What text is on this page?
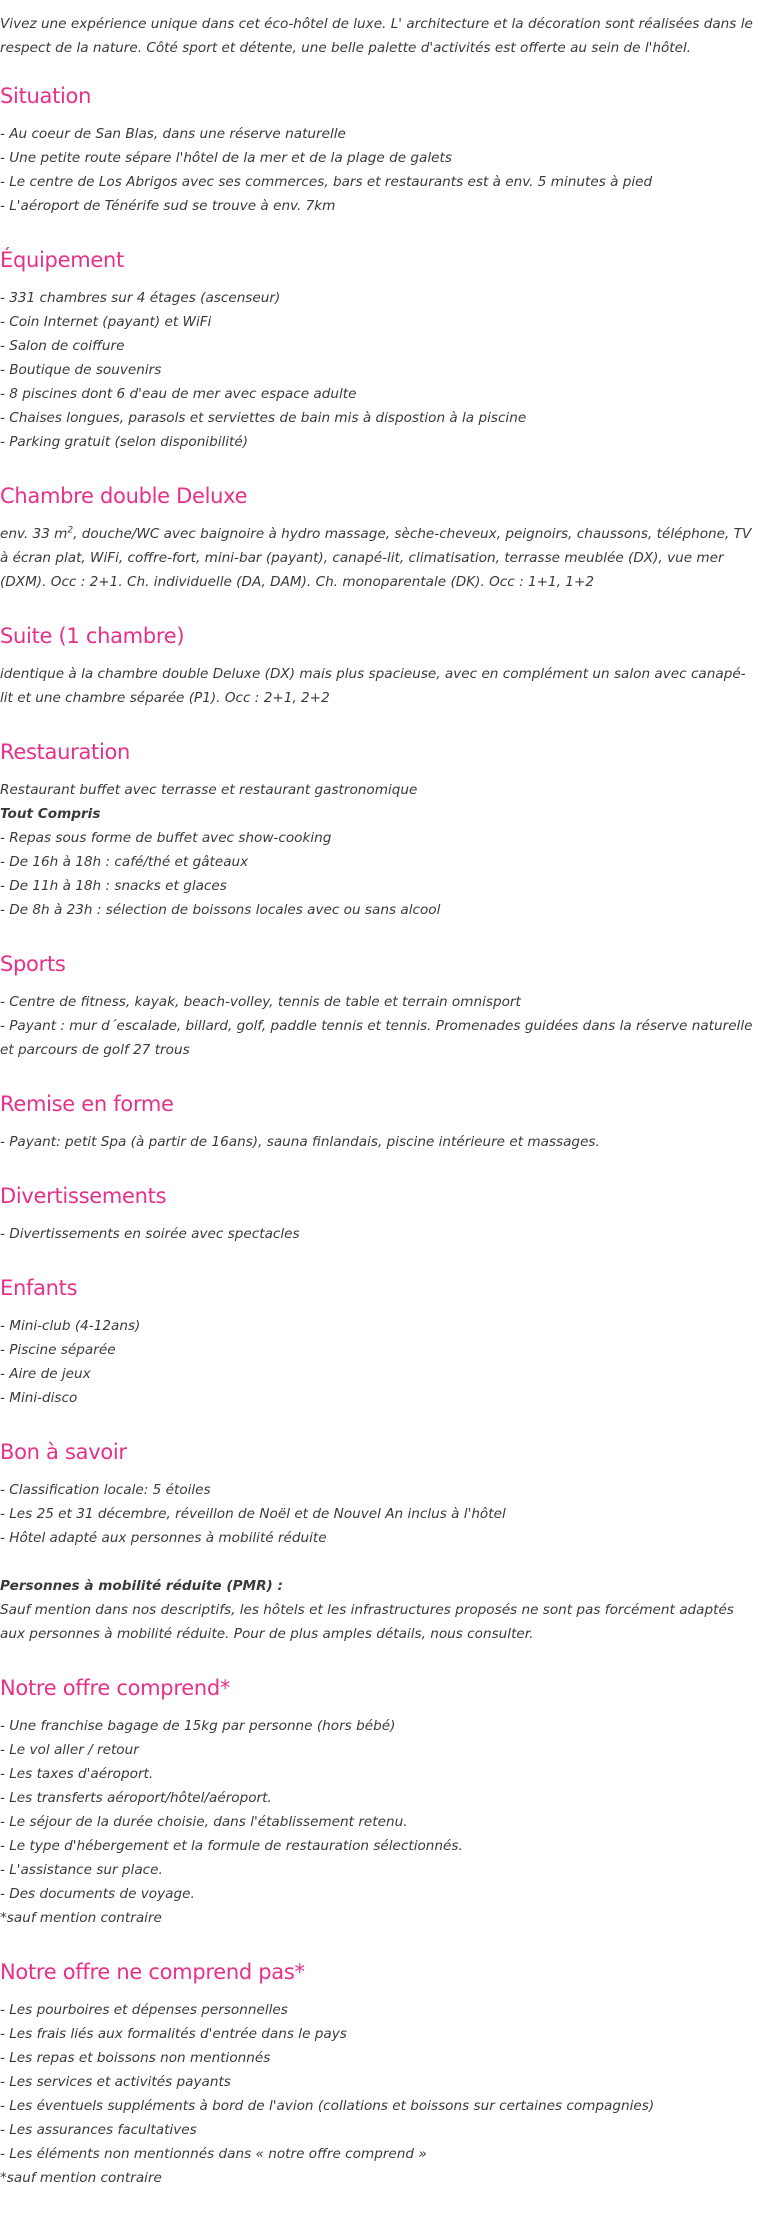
Vivez une expérience unique dans cet éco-hôtel de luxe. L' architecture et la décoration sont réalisées dans le respect de la nature. Côté sport et détente, une belle palette d'activités est offerte au sein de l'hôtel.

Situation
- Au coeur de San Blas, dans une réserve naturelle
- Une petite route sépare l'hôtel de la mer et de la plage de galets
- Le centre de Los Abrigos avec ses commerces, bars et restaurants est à env. 5 minutes à pied
- L'aéroport de Ténérife sud se trouve à env. 7km
Équipement
- 331 chambres sur 4 étages (ascenseur)
- Coin Internet (payant) et WiFi
- Salon de coiffure
- Boutique de souvenirs
- 8 piscines dont 6 d'eau de mer avec espace adulte
- Chaises longues, parasols et serviettes de bain mis à dispostion à la piscine
- Parking gratuit (selon disponibilité)
Chambre double Deluxe

env. 33 $m^2$, douche/WC avec baignoire à hydro massage, sèche-cheveux, peignoirs, chaussons, téléphone, TV à écran plat, WiFi, coffre-fort, mini-bar (payant), canapé-lit, climatisation, terrasse meublée (DX), vue mer (DXM). Occ : 2+1. Ch. individuelle (DA, DAM). Ch. monoparentale (DK). Occ : 1+1, 1+2

Suite (1 chambre)

identique à la chambre double Deluxe (DX) mais plus spacieuse, avec en complément un salon avec canapé-lit et une chambre séparée (P1). Occ : 2+1, 2+2

Restauration

Restaurant buffet avec terrasse et restaurant gastronomique

Tout Compris

- Repas sous forme de buffet avec show-cooking
- De 16h à 18h : café/thé et gâteaux
- De 11h à 18h : snacks et glaces
- De 8h à 23h : sélection de boissons locales avec ou sans alcool
Sports
- Centre de fitness, kayak, beach-volley, tennis de table et terrain omnisport
- Payant : mur d´escalade, billard, golf, paddle tennis et tennis. Promenades guidées dans la réserve naturelle et parcours de golf 27 trous
Remise en forme
- Payant: petit Spa (à partir de 16ans), sauna finlandais, piscine intérieure et massages.
Divertissements
- Divertissements en soirée avec spectacles
Enfants
- Mini-club (4-12ans)
- Piscine séparée
- Aire de jeux
- Mini-disco
Bon à savoir
- Classification locale: 5 étoiles
- Les 25 et 31 décembre, réveillon de Noël et de Nouvel An inclus à l'hôtel
- Hôtel adapté aux personnes à mobilité réduite

Personnes à mobilité réduite (PMR) :

Sauf mention dans nos descriptifs, les hôtels et les infrastructures proposés ne sont pas forcément adaptés aux personnes à mobilité réduite. Pour de plus amples détails, nous consulter.

Notre offre comprend*
- Une franchise bagage de 15kg par personne (hors bébé)
- Le vol aller / retour
- Les taxes d'aéroport.
- Les transferts aéroport/hôtel/aéroport.
- Le séjour de la durée choisie, dans l'établissement retenu.
- Le type d'hébergement et la formule de restauration sélectionnés.
- L'assistance sur place.
- Des documents de voyage.

*sauf mention contraire

Notre offre ne comprend pas*
- Les pourboires et dépenses personnelles
- Les frais liés aux formalités d'entrée dans le pays
- Les repas et boissons non mentionnés
- Les services et activités payants
- Les éventuels suppléments à bord de l'avion (collations et boissons sur certaines compagnies)
- Les assurances facultatives
- Les éléments non mentionnés dans « notre offre comprend »

*sauf mention contraire
